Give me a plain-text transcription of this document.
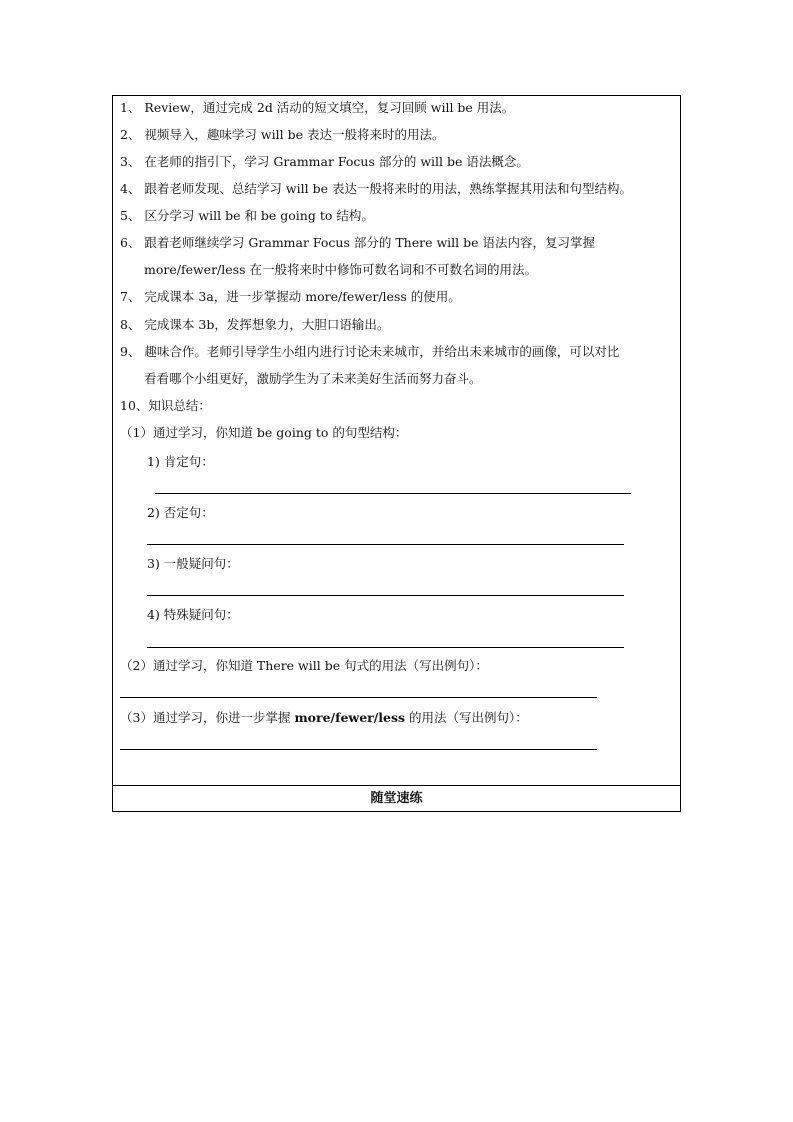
1、 Review，通过完成 2d 活动的短文填空，复习回顾 will be 用法。
2、 视频导入，趣味学习 will be 表达一般将来时的用法。
3、 在老师的指引下，学习 Grammar Focus 部分的 will be 语法概念。
4、 跟着老师发现、总结学习 will be 表达一般将来时的用法，熟练掌握其用法和句型结构。
5、 区分学习 will be 和 be going to 结构。
6、 跟着老师继续学习 Grammar Focus 部分的 There will be 语法内容，复习掌握
more/fewer/less 在一般将来时中修饰可数名词和不可数名词的用法。
7、 完成课本 3a，进一步掌握动 more/fewer/less 的使用。
8、 完成课本 3b，发挥想象力，大胆口语输出。
9、 趣味合作。老师引导学生小组内进行讨论未来城市，并给出未来城市的画像，可以对比
看看哪个小组更好，激励学生为了未来美好生活而努力奋斗。
10、知识总结：
（1）通过学习，你知道 be going to 的句型结构：
1) 肯定句：
2) 否定句：
3) 一般疑问句：
4) 特殊疑问句：
（2）通过学习，你知道 There will be 句式的用法（写出例句）：
（3）通过学习，你进一步掌握 more/fewer/less 的用法（写出例句）：
随堂速练
